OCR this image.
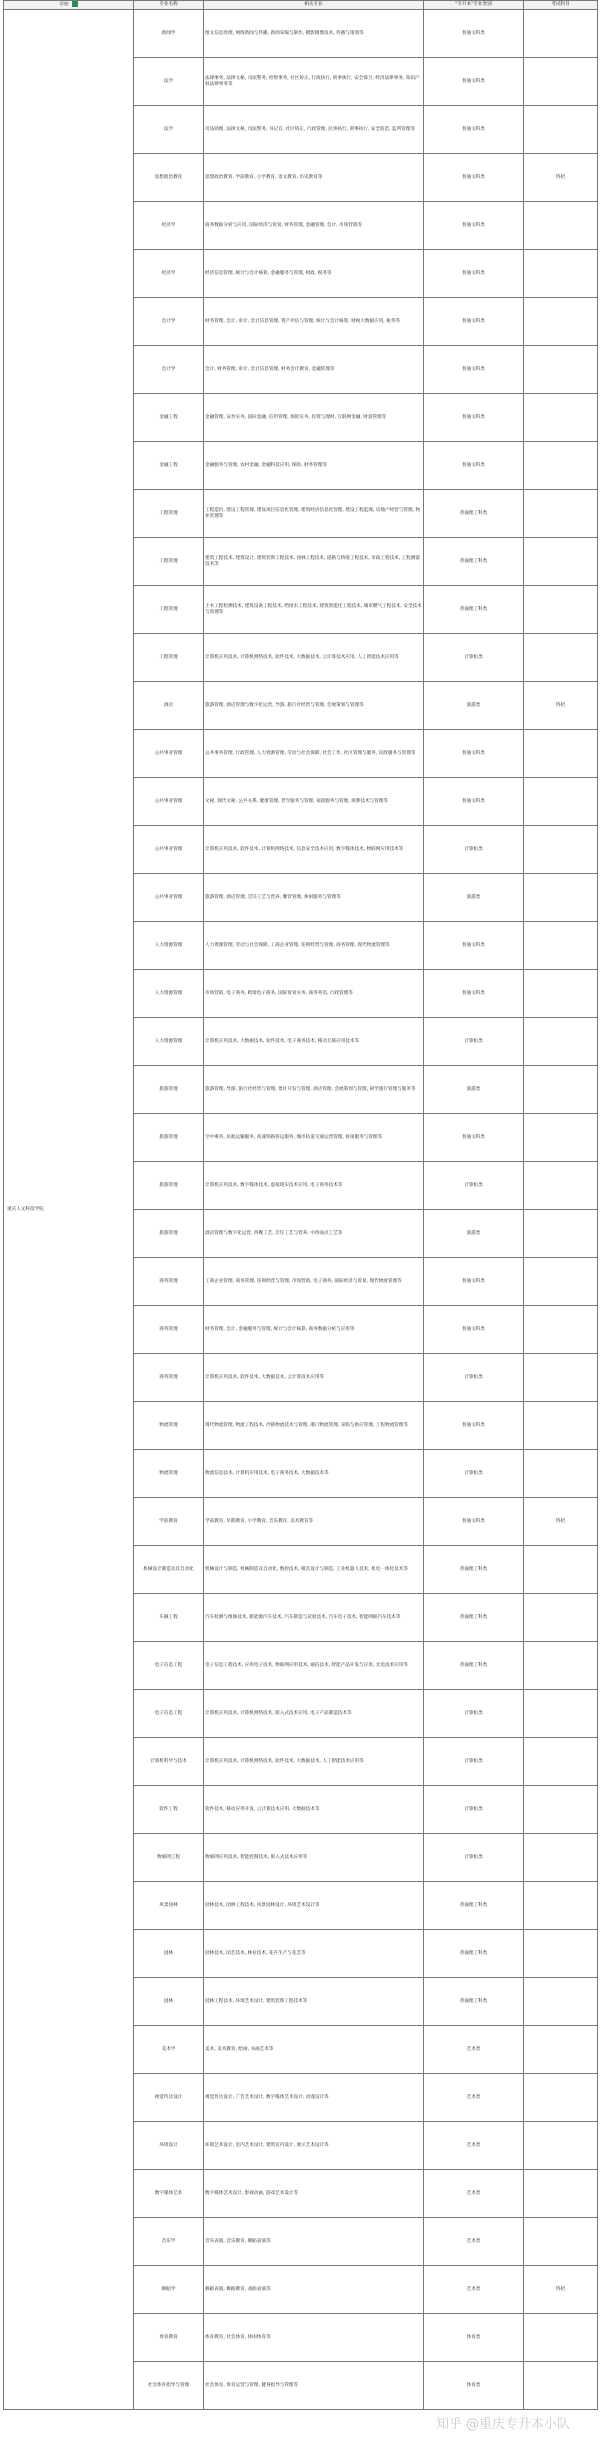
学校	专业名称	相关专业	"专升本"专业类别	考试科目
重庆人文科技学院	新闻学	图文信息处理, 网络新闻与传播, 新闻采编与制作, 摄影摄像技术, 传播与策划等	普通文科类	
	法学	法律事务, 法律文秘, 司法警务, 检察事务, 社区矫正, 行政执行, 刑事执行, 安全保卫, 经济法律事务, 知识产权法律事务等	普通文科类	
	法学	司法助理, 法律文秘, 司法警务, 书记官, 社区矫正, 行政管理, 民事执行, 刑事执行, 安全防范, 监所管理等	普通文科类	
	思想政治教育	思想政治教育, 学前教育, 小学教育, 语文教育, 历史教育等	普通文科类	特招
	经济学	商务数据分析与应用, 国际经济与贸易, 财务管理, 金融管理, 会计, 市场营销等	普通文科类	
	经济学	经济信息管理, 统计与会计核算, 金融服务与管理, 财政, 税务等	普通文科类	
	会计学	财务管理, 会计, 审计, 会计信息管理, 资产评估与管理, 统计与会计核算, 财税大数据应用, 税务等	普通文科类	
	会计学	会计, 财务管理, 审计, 会计信息管理, 财务会计教育, 金融管理等	普通文科类	
	金融工程	金融管理, 证券实务, 国际金融, 信用管理, 保险实务, 投资与理财, 互联网金融, 财富管理等	普通文科类	
	金融工程	金融服务与管理, 农村金融, 金融科技应用, 保险, 财务管理等	普通文科类	
	工程管理	工程造价, 建设工程管理, 建设项目信息化管理, 建筑经济信息化管理, 建设工程监理, 房地产经营与管理, 物业管理等	普通理工科类	
	工程管理	建筑工程技术, 建筑设计, 建筑装饰工程技术, 园林工程技术, 道路与桥梁工程技术, 市政工程技术, 工程测量技术等	普通理工科类	
	工程管理	土木工程检测技术, 建筑设备工程技术, 给排水工程技术, 建筑智能化工程技术, 城市燃气工程技术, 安全技术与管理等	普通理工科类	
	工程管理	计算机应用技术, 计算机网络技术, 软件技术, 大数据技术, 云计算技术应用, 人工智能技术应用等	计算机类	
	酒店	旅游管理, 酒店管理与数字化运营, 导游, 旅行社经营与管理, 会展策划与管理等	旅游类	特招
	公共事业管理	公共事务管理, 行政管理, 人力资源管理, 劳动与社会保障, 社会工作, 社区管理与服务, 民政服务与管理等	普通文科类	
	公共事业管理	文秘, 现代文秘, 公共关系, 健康管理, 老年服务与管理, 家政服务与管理, 殡葬技术与管理等	普通文科类	
	公共事业管理	计算机应用技术, 软件技术, 计算机网络技术, 信息安全技术应用, 数字媒体技术, 物联网应用技术等	计算机类	
	公共事业管理	旅游管理, 酒店管理, 烹饪工艺与营养, 餐饮管理, 休闲服务与管理等	旅游类	
	人力资源管理	人力资源管理, 劳动与社会保障, 工商企业管理, 连锁经营与管理, 商务管理, 现代物流管理等	普通文科类	
	人力资源管理	市场营销, 电子商务, 跨境电子商务, 国际贸易实务, 商务英语, 行政管理等	普通文科类	
	人力资源管理	计算机应用技术, 大数据技术, 软件技术, 电子商务技术, 移动互联应用技术等	计算机类	
	旅游管理	旅游管理, 导游, 旅行社经营与管理, 景区开发与管理, 酒店管理, 会展策划与管理, 研学旅行管理与服务等	旅游类	
	旅游管理	空中乘务, 民航运输服务, 高速铁路客运服务, 城市轨道交通运营管理, 休闲服务与管理等	普通文科类	
	旅游管理	计算机应用技术, 数字媒体技术, 虚拟现实技术应用, 电子商务技术等	计算机类	
	旅游管理	酒店管理与数字化运营, 西餐工艺, 烹饪工艺与营养, 中西面点工艺等	旅游类	
	商务管理	工商企业管理, 商务管理, 连锁经营与管理, 市场营销, 电子商务, 国际经济与贸易, 现代物流管理等	普通文科类	
	商务管理	财务管理, 会计, 金融服务与管理, 统计与会计核算, 商务数据分析与应用等	普通文科类	
	商务管理	计算机应用技术, 软件技术, 大数据技术, 云计算技术应用等	计算机类	
	物流管理	现代物流管理, 物流工程技术, 冷链物流技术与管理, 港口物流管理, 采购与供应管理, 工程物流管理等	普通文科类	
	物流管理	物流信息技术, 计算机应用技术, 电子商务技术, 大数据技术等	计算机类	
	学前教育	学前教育, 早期教育, 小学教育, 音乐教育, 美术教育等	普通文科类	特招
	机械设计制造及其自动化	机械设计与制造, 机械制造及自动化, 数控技术, 模具设计与制造, 工业机器人技术, 机电一体化技术等	普通理工科类	
	车辆工程	汽车检测与维修技术, 新能源汽车技术, 汽车制造与试验技术, 汽车电子技术, 智能网联汽车技术等	普通理工科类	
	电子信息工程	电子信息工程技术, 应用电子技术, 物联网应用技术, 通信技术, 智能产品开发与应用, 光电技术应用等	普通理工科类	
	电子信息工程	计算机应用技术, 计算机网络技术, 嵌入式技术应用, 电子产品制造技术等	计算机类	
	计算机科学与技术	计算机应用技术, 计算机网络技术, 软件技术, 大数据技术, 人工智能技术应用等	计算机类	
	软件工程	软件技术, 移动应用开发, 云计算技术应用, 大数据技术等	计算机类	
	物联网工程	物联网应用技术, 智能控制技术, 嵌入式技术应用等	计算机类	
	风景园林	园林技术, 园林工程技术, 风景园林设计, 环境艺术设计等	普通理工科类	
	园林	园林技术, 园艺技术, 林业技术, 花卉生产与花艺等	普通理工科类	
	园林	园林工程技术, 环境艺术设计, 建筑装饰工程技术等	普通理工科类	
	美术学	美术, 美术教育, 绘画, 书画艺术等	艺术类	
	视觉传达设计	视觉传达设计, 广告艺术设计, 数字媒体艺术设计, 动漫设计等	艺术类	
	环境设计	环境艺术设计, 室内艺术设计, 建筑室内设计, 展示艺术设计等	艺术类	
	数字媒体艺术	数字媒体艺术设计, 影视动画, 游戏艺术设计等	艺术类	
	音乐学	音乐表演, 音乐教育, 舞蹈表演等	艺术类	
	舞蹈学	舞蹈表演, 舞蹈教育, 戏曲表演等	艺术类	特招
	体育教育	体育教育, 社会体育, 休闲体育等	体育类	
	社会体育指导与管理	社会体育, 体育运营与管理, 健身指导与管理等	体育类	
知乎 @重庆专升本小队
